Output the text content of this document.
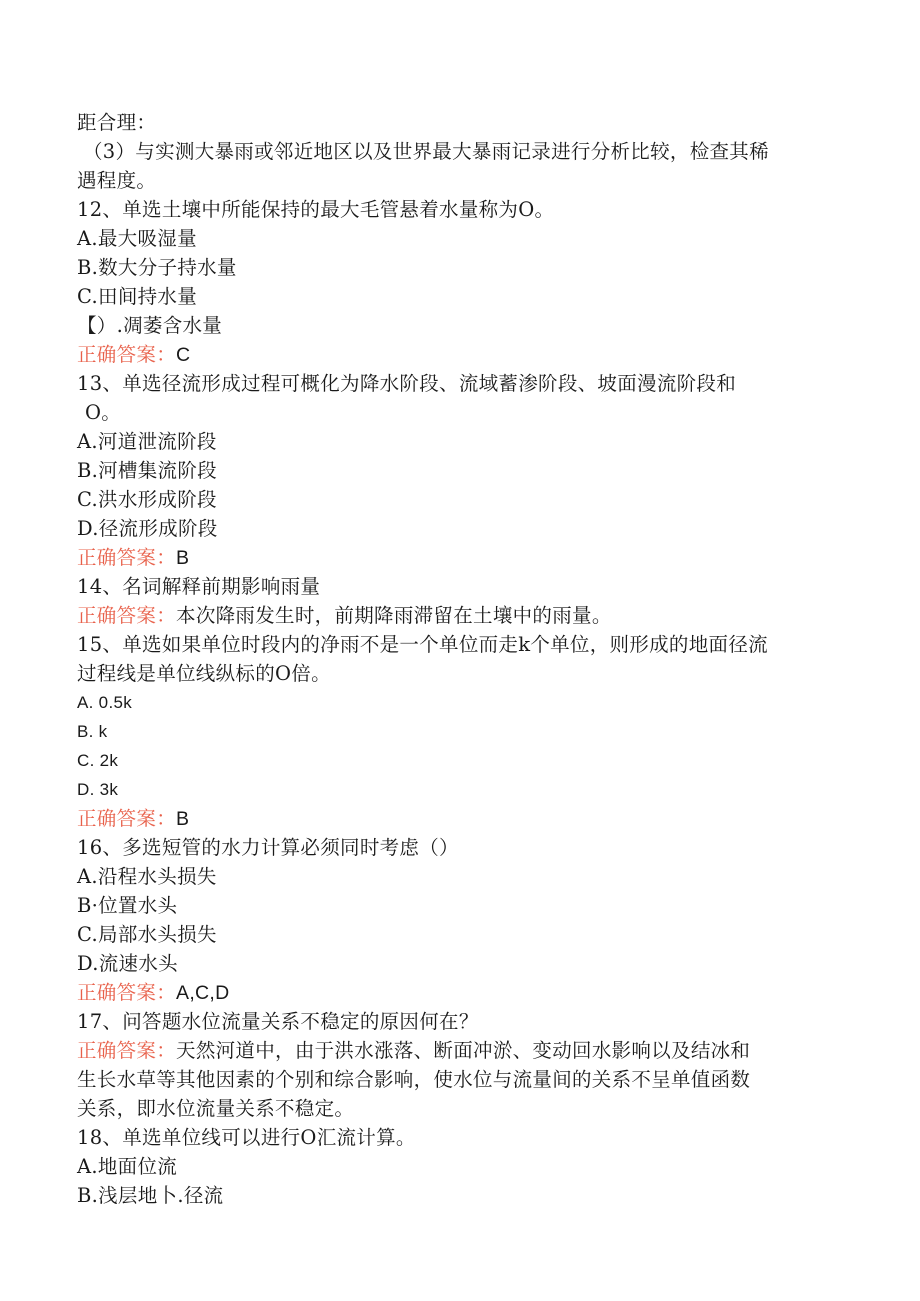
距合理：
（3）与实测大暴雨或邻近地区以及世界最大暴雨记录进行分析比较，检查其稀
遇程度。
12、单选土壤中所能保持的最大毛管悬着水量称为O。
A.最大吸湿量
B.数大分子持水量
C.田间持水量
【）.凋萎含水量
正确答案：C
13、单选径流形成过程可概化为降水阶段、流域蓄渗阶段、坡面漫流阶段和
O。
A.河道泄流阶段
B.河槽集流阶段
C.洪水形成阶段
D.径流形成阶段
正确答案：B
14、名词解释前期影响雨量
正确答案：本次降雨发生时，前期降雨滞留在土壤中的雨量。
15、单选如果单位时段内的净雨不是一个单位而走k个单位，则形成的地面径流
过程线是单位线纵标的O倍。
A. 0.5k
B. k
C. 2k
D. 3k
正确答案：B
16、多选短管的水力计算必须同时考虑（）
A.沿程水头损失
B·位置水头
C.局部水头损失
D.流速水头
正确答案：A,C,D
17、问答题水位流量关系不稳定的原因何在？
正确答案：天然河道中，由于洪水涨落、断面冲淤、变动回水影响以及结冰和
生长水草等其他因素的个别和综合影响，使水位与流量间的关系不呈单值函数
关系，即水位流量关系不稳定。
18、单选单位线可以进行O汇流计算。
A.地面位流
B.浅层地卜.径流
